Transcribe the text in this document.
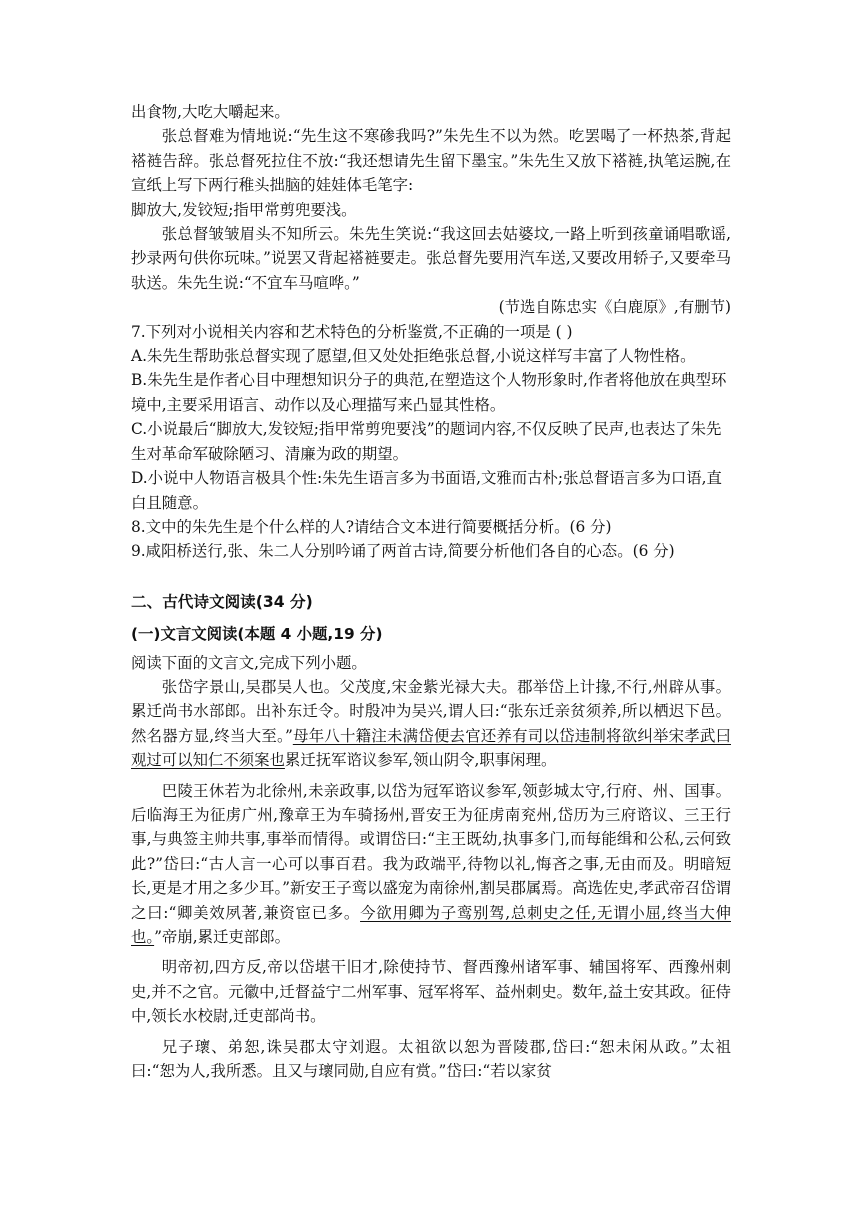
出食物,大吃大嚼起来。

张总督难为情地说:“先生这不寒碜我吗?”朱先生不以为然。吃罢喝了一杯热茶,背起褡裢告辞。张总督死拉住不放:“我还想请先生留下墨宝。”朱先生又放下褡裢,执笔运腕,在宣纸上写下两行稚头拙脑的娃娃体毛笔字:

脚放大,发铰短;指甲常剪兜要浅。

张总督皱皱眉头不知所云。朱先生笑说:“我这回去姑婆坟,一路上听到孩童诵唱歌谣,抄录两句供你玩味。”说罢又背起褡裢要走。张总督先要用汽车送,又要改用轿子,又要牵马驮送。朱先生说:“不宜车马喧哗。”

(节选自陈忠实《白鹿原》,有删节)

7.下列对小说相关内容和艺术特色的分析鉴赏,不正确的一项是 ( )

A.朱先生帮助张总督实现了愿望,但又处处拒绝张总督,小说这样写丰富了人物性格。

B.朱先生是作者心目中理想知识分子的典范,在塑造这个人物形象时,作者将他放在典型环境中,主要采用语言、动作以及心理描写来凸显其性格。

C.小说最后“脚放大,发铰短;指甲常剪兜要浅”的题词内容,不仅反映了民声,也表达了朱先生对革命军破除陋习、清廉为政的期望。

D.小说中人物语言极具个性:朱先生语言多为书面语,文雅而古朴;张总督语言多为口语,直白且随意。

8.文中的朱先生是个什么样的人?请结合文本进行简要概括分析。(6 分)

9.咸阳桥送行,张、朱二人分别吟诵了两首古诗,简要分析他们各自的心态。(6 分)

二、古代诗文阅读(34 分)
(一)文言文阅读(本题 4 小题,19 分)

阅读下面的文言文,完成下列小题。

张岱字景山,吴郡吴人也。父茂度,宋金紫光禄大夫。郡举岱上计掾,不行,州辟从事。累迁尚书水部郎。出补东迁令。时殷冲为吴兴,谓人曰:“张东迁亲贫须养,所以栖迟下邑。然名器方显,终当大至。”母年八十籍注未满岱便去官还养有司以岱违制将欲纠举宋孝武曰观过可以知仁不须案也累迁抚军谘议参军,领山阴令,职事闲理。

巴陵王休若为北徐州,未亲政事,以岱为冠军谘议参军,领彭城太守,行府、州、国事。后临海王为征虏广州,豫章王为车骑扬州,晋安王为征虏南兖州,岱历为三府谘议、三王行事,与典签主帅共事,事举而情得。或谓岱曰:“主王既幼,执事多门,而每能缉和公私,云何致此?”岱曰:“古人言一心可以事百君。我为政端平,待物以礼,悔吝之事,无由而及。明暗短长,更是才用之多少耳。”新安王子鸾以盛宠为南徐州,割吴郡属焉。高选佐史,孝武帝召岱谓之曰:“卿美效夙著,兼资宦已多。今欲用卿为子鸾别驾,总刺史之任,无谓小屈,终当大伸也。”帝崩,累迁吏部郎。

明帝初,四方反,帝以岱堪干旧才,除使持节、督西豫州诸军事、辅国将军、西豫州刺史,并不之官。元徽中,迁督益宁二州军事、冠军将军、益州刺史。数年,益土安其政。征侍中,领长水校尉,迁吏部尚书。

兄子瓌、弟恕,诛吴郡太守刘遐。太祖欲以恕为晋陵郡,岱曰:“恕未闲从政。”太祖曰:“恕为人,我所悉。且又与瓌同勋,自应有赏。”岱曰:“若以家贫
